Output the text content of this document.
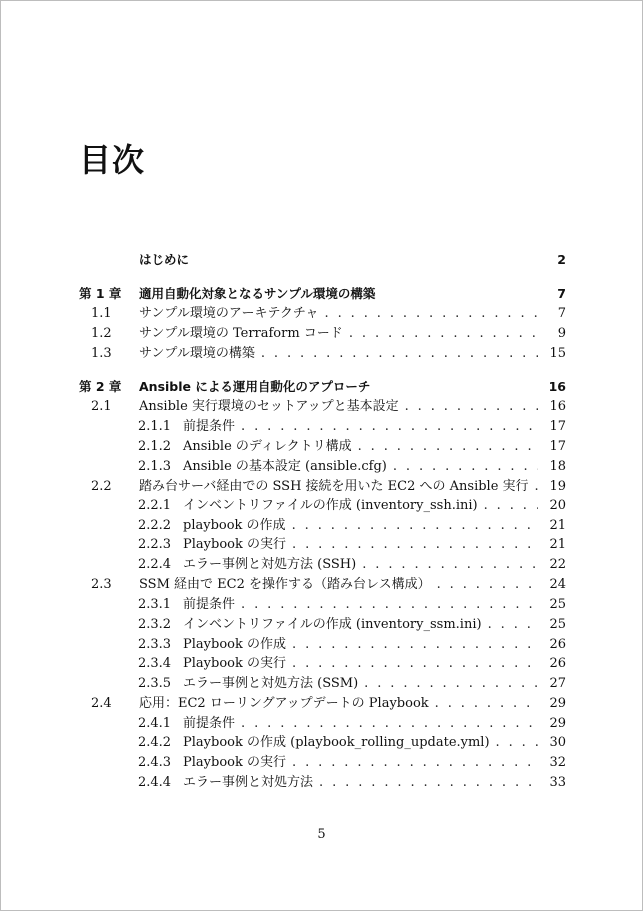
目次
はじめに	2
第 1 章	適用自動化対象となるサンプル環境の構築	7
1.1	サンプル環境のアーキテクチャ . . .	7
1.2	サンプル環境の Terraform コード . . .	9
1.3	サンプル環境の構築 . . .	15
第 2 章	Ansible による運用自動化のアプローチ	16
2.1	Ansible 実行環境のセットアップと基本設定 . . .	16
2.1.1 前提条件 . . .	17
2.1.2 Ansible のディレクトリ構成 . . .	17
2.1.3 Ansible の基本設定 (ansible.cfg) . . .	18
2.2	踏み台サーバ経由での SSH 接続を用いた EC2 への Ansible 実行 . . .	19
2.2.1 インベントリファイルの作成 (inventory_ssh.ini) . . .	20
2.2.2 playbook の作成 . . .	21
2.2.3 Playbook の実行 . . .	21
2.2.4 エラー事例と対処方法 (SSH) . . .	22
2.3	SSM 経由で EC2 を操作する（踏み台レス構成） . . .	24
2.3.1 前提条件 . . .	25
2.3.2 インベントリファイルの作成 (inventory_ssm.ini) . . .	25
2.3.3 Playbook の作成 . . .	26
2.3.4 Playbook の実行 . . .	26
2.3.5 エラー事例と対処方法 (SSM) . . .	27
2.4	応用：EC2 ローリングアップデートの Playbook . . .	29
2.4.1 前提条件 . . .	29
2.4.2 Playbook の作成 (playbook_rolling_update.yml) . . .	30
2.4.3 Playbook の実行 . . .	32
2.4.4 エラー事例と対処方法 . . .	33
5
